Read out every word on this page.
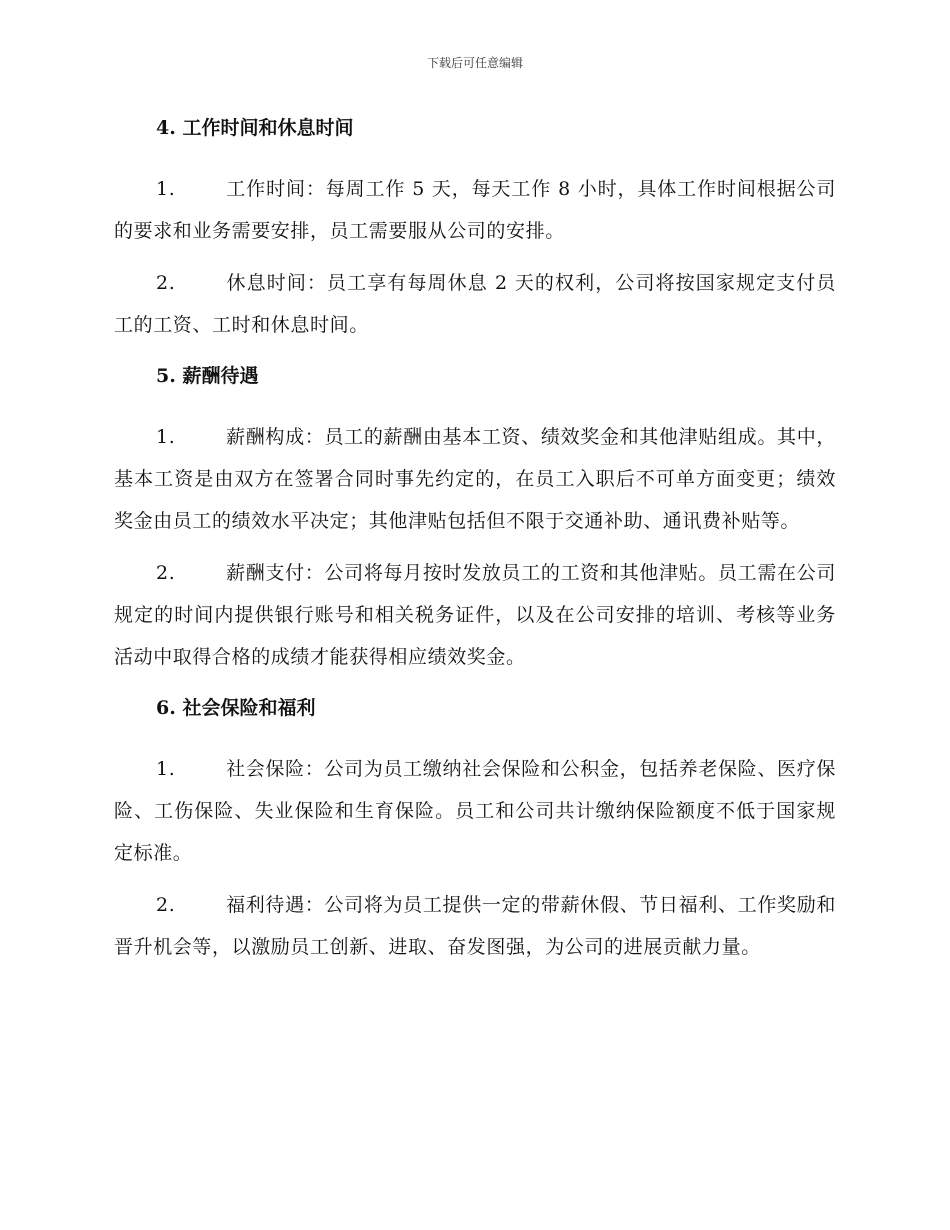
下载后可任意编辑
4. 工作时间和休息时间

1.	工作时间：每周工作 5 天，每天工作 8 小时，具体工作时间根据公司的要求和业务需要安排，员工需要服从公司的安排。

2.	休息时间：员工享有每周休息 2 天的权利，公司将按国家规定支付员工的工资、工时和休息时间。

5. 薪酬待遇

1.	薪酬构成：员工的薪酬由基本工资、绩效奖金和其他津贴组成。其中，基本工资是由双方在签署合同时事先约定的，在员工入职后不可单方面变更；绩效奖金由员工的绩效水平决定；其他津贴包括但不限于交通补助、通讯费补贴等。

2.	薪酬支付：公司将每月按时发放员工的工资和其他津贴。员工需在公司规定的时间内提供银行账号和相关税务证件，以及在公司安排的培训、考核等业务活动中取得合格的成绩才能获得相应绩效奖金。

6. 社会保险和福利

1.	社会保险：公司为员工缴纳社会保险和公积金，包括养老保险、医疗保险、工伤保险、失业保险和生育保险。员工和公司共计缴纳保险额度不低于国家规定标准。

2.	福利待遇：公司将为员工提供一定的带薪休假、节日福利、工作奖励和晋升机会等，以激励员工创新、进取、奋发图强，为公司的进展贡献力量。
